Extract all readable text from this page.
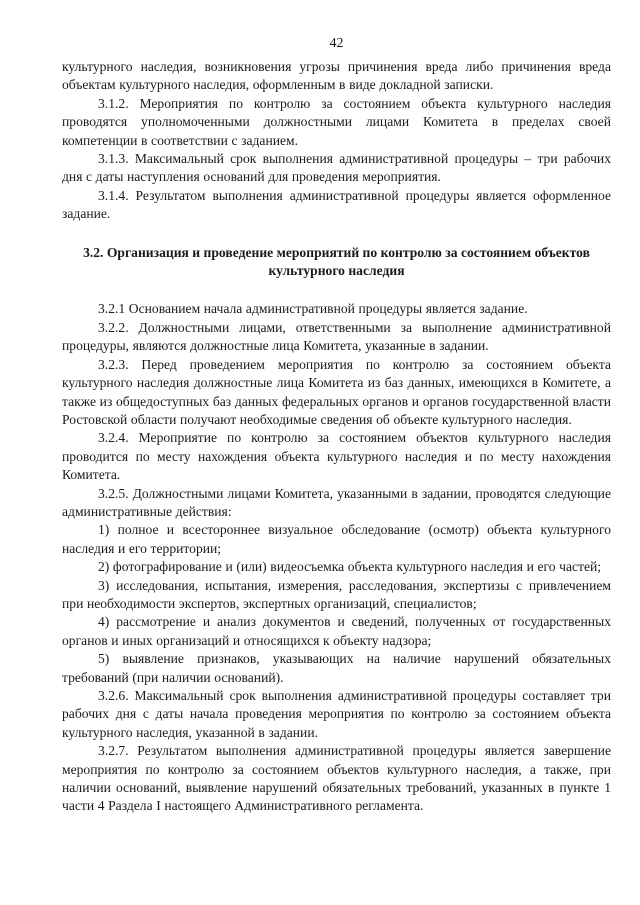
42

культурного наследия, возникновения угрозы причинения вреда либо причинения вреда объектам культурного наследия, оформленным в виде докладной записки.

3.1.2. Мероприятия по контролю за состоянием объекта культурного наследия проводятся уполномоченными должностными лицами Комитета в пределах своей компетенции в соответствии с заданием.

3.1.3. Максимальный срок выполнения административной процедуры – три рабочих дня с даты наступления оснований для проведения мероприятия.

3.1.4. Результатом выполнения административной процедуры является оформленное задание.

3.2. Организация и проведение мероприятий по контролю за состоянием объектов культурного наследия

3.2.1 Основанием начала административной процедуры является задание.

3.2.2. Должностными лицами, ответственными за выполнение административной процедуры, являются должностные лица Комитета, указанные в задании.

3.2.3. Перед проведением мероприятия по контролю за состоянием объекта культурного наследия должностные лица Комитета из баз данных, имеющихся в Комитете, а также из общедоступных баз данных федеральных органов и органов государственной власти Ростовской области получают необходимые сведения об объекте культурного наследия.

3.2.4. Мероприятие по контролю за состоянием объектов культурного наследия проводится по месту нахождения объекта культурного наследия и по месту нахождения Комитета.

3.2.5. Должностными лицами Комитета, указанными в задании, проводятся следующие административные действия:

1) полное и всестороннее визуальное обследование (осмотр) объекта культурного наследия и его территории;

2) фотографирование и (или) видеосъемка объекта культурного наследия и его частей;

3) исследования, испытания, измерения, расследования, экспертизы с привлечением при необходимости экспертов, экспертных организаций, специалистов;

4) рассмотрение и анализ документов и сведений, полученных от государственных органов и иных организаций и относящихся к объекту надзора;

5) выявление признаков, указывающих на наличие нарушений обязательных требований (при наличии оснований).

3.2.6. Максимальный срок выполнения административной процедуры составляет три рабочих дня с даты начала проведения мероприятия по контролю за состоянием объекта культурного наследия, указанной в задании.

3.2.7. Результатом выполнения административной процедуры является завершение мероприятия по контролю за состоянием объектов культурного наследия, а также, при наличии оснований, выявление нарушений обязательных требований, указанных в пункте 1 части 4 Раздела I настоящего Административного регламента.
